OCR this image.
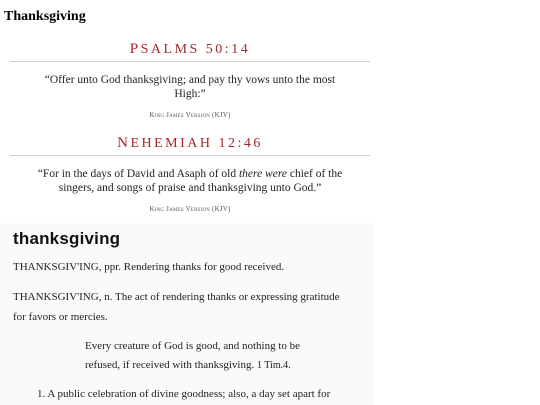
Thanksgiving
PSALMS 50:14
“Offer unto God thanksgiving; and pay thy vows unto the most High:”
King James Version (KJV)
NEHEMIAH 12:46
“For in the days of David and Asaph of old there were chief of the singers, and songs of praise and thanksgiving unto God.”
King James Version (KJV)
thanksgiving
THANKSGIV'ING, ppr. Rendering thanks for good received.
THANKSGIV'ING, n. The act of rendering thanks or expressing gratitude for favors or mercies.
Every creature of God is good, and nothing to be refused, if received with thanksgiving. 1 Tim.4.
1. A public celebration of divine goodness; also, a day set apart for
